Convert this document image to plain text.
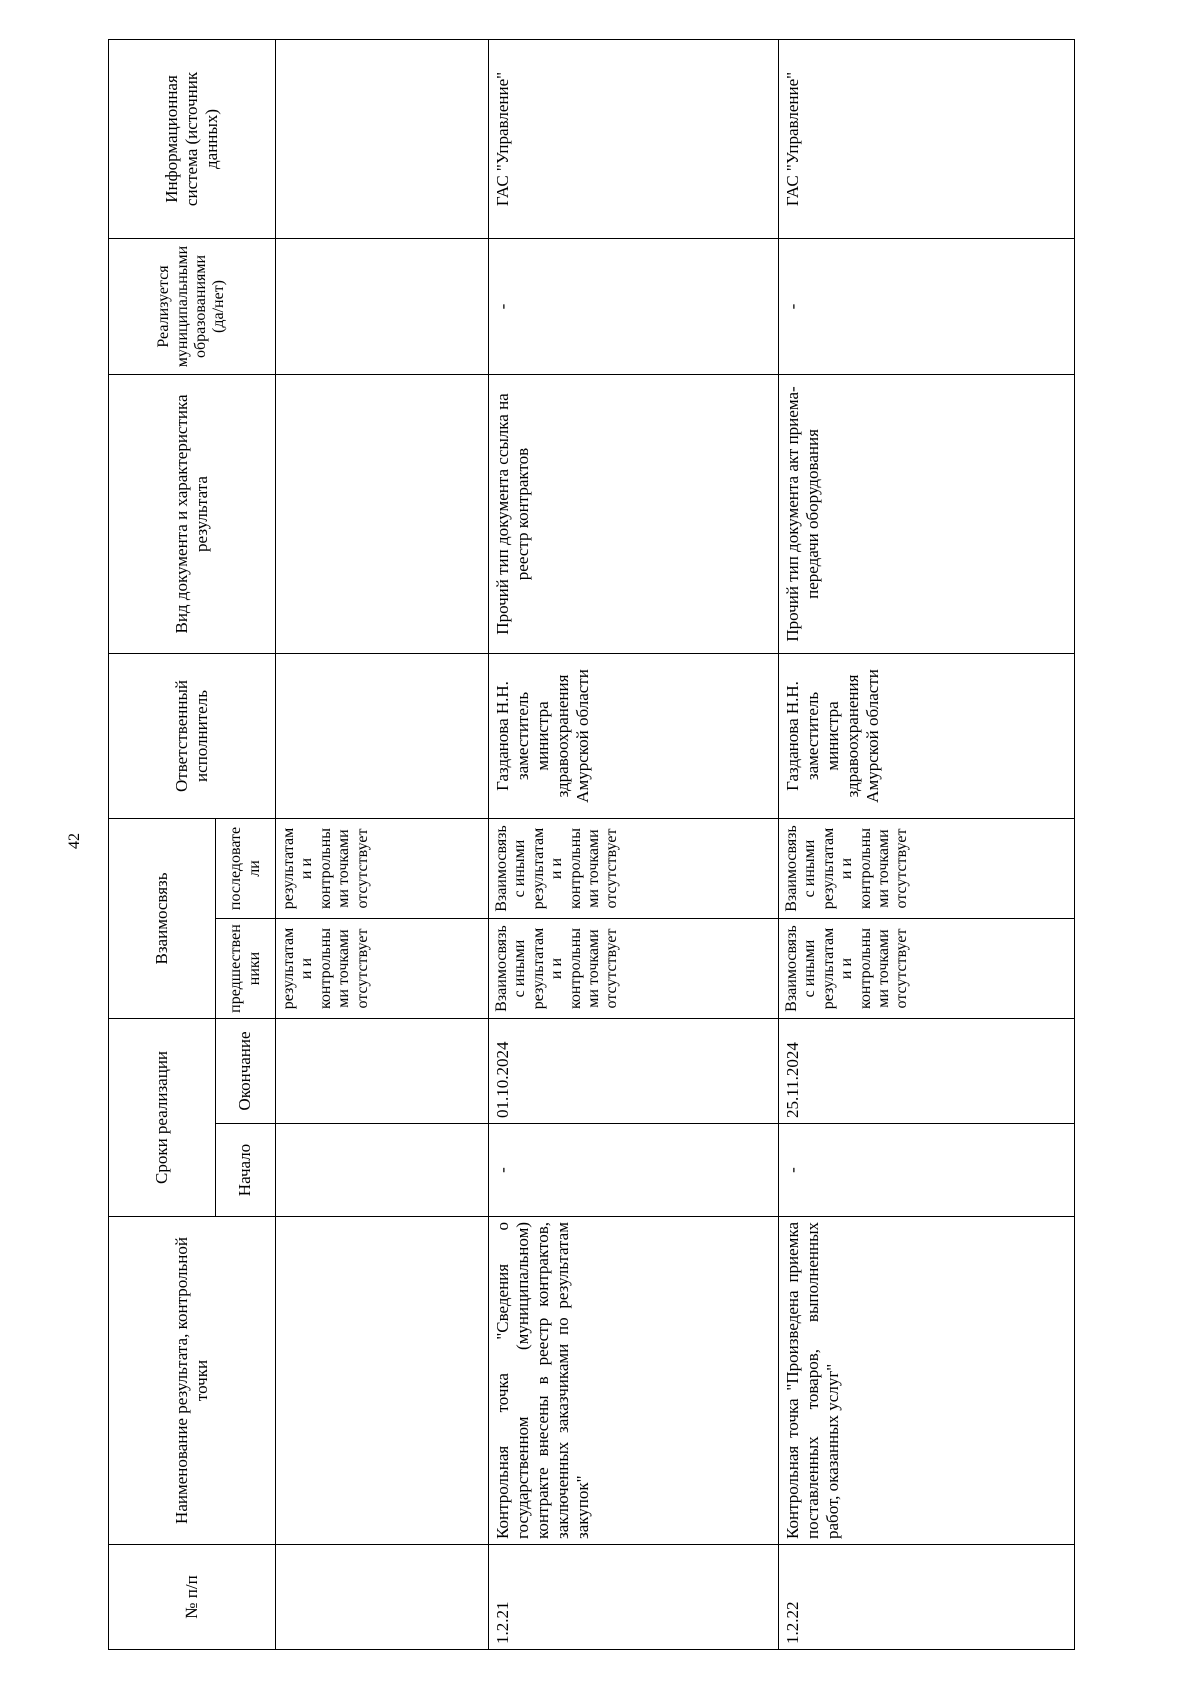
42
№ п/п	Наименование результата, контрольной точки	Сроки реализации		Взаимосвязь		Ответственный исполнитель	Вид документа и характеристика результата	Реализуется муниципальными образованиями (да/нет)	Информационная система (источник данных)
		Начало	Окончание	предшественники	последователи				
				результатами и контрольными точками отсутствует	результатами и контрольными точками отсутствует				
1.2.21	Контрольная точка "Сведения о государственном (муниципальном) контракте внесены в реестр контрактов, заключенных заказчиками по результатам закупок"	-	01.10.2024	Взаимосвязь с иными результатами и контрольными точками отсутствует	Взаимосвязь с иными результатами и контрольными точками отсутствует	Газданова Н.Н. заместитель министра здравоохранения Амурской области	Прочий тип документа ссылка на реестр контрактов	-	ГАС "Управление"
1.2.22	Контрольная точка "Произведена приемка поставленных товаров, выполненных работ, оказанных услуг"	-	25.11.2024	Взаимосвязь с иными результатами и контрольными точками отсутствует	Взаимосвязь с иными результатами и контрольными точками отсутствует	Газданова Н.Н. заместитель министра здравоохранения Амурской области	Прочий тип документа акт приема-передачи оборудования	-	ГАС "Управление"
